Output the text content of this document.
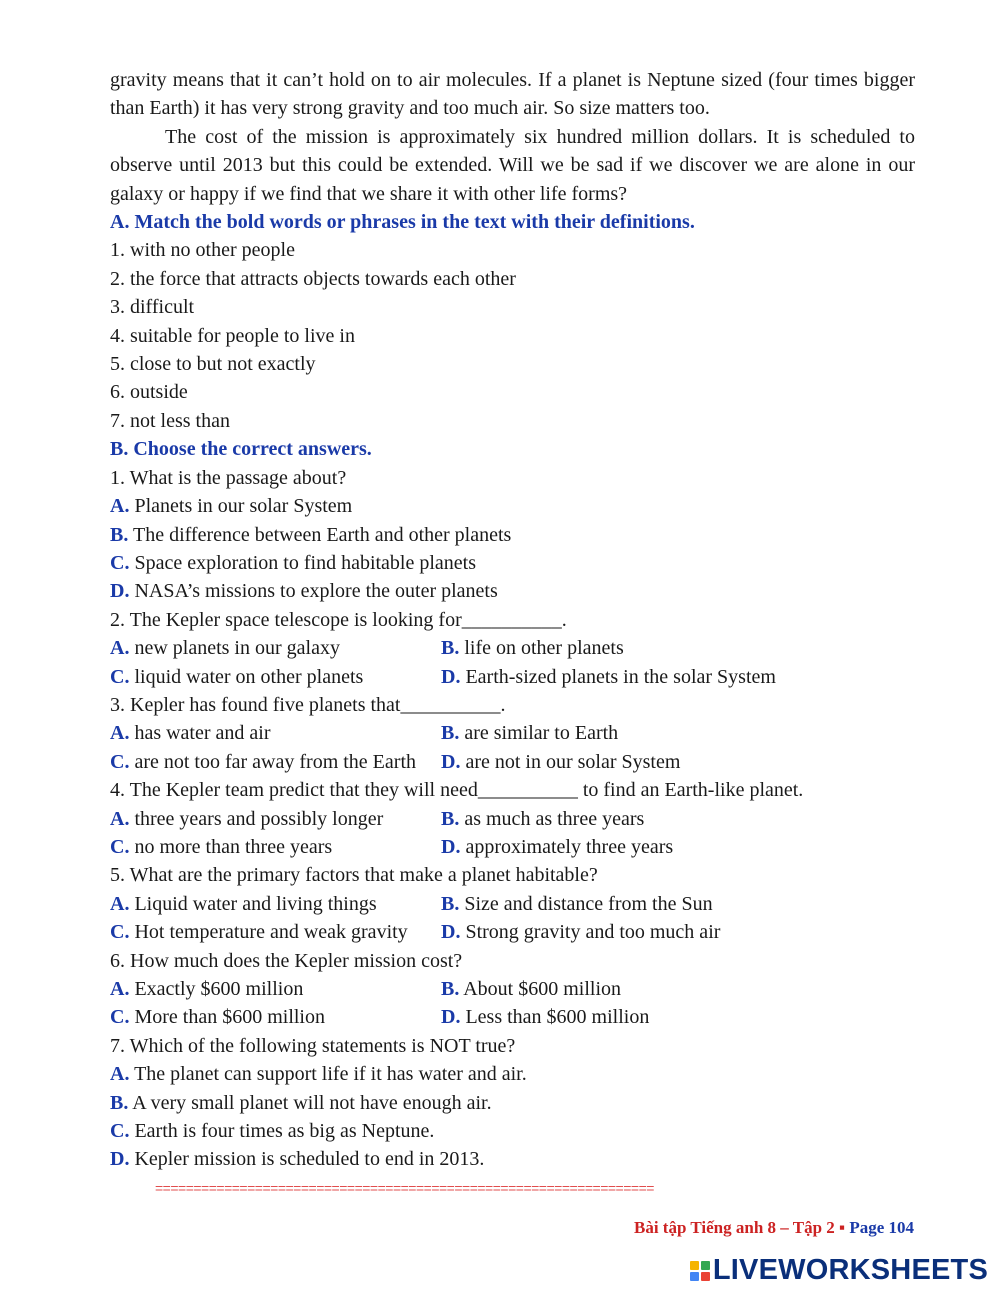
gravity means that it can’t hold on to air molecules. If a planet is Neptune sized (four times bigger than Earth) it has very strong gravity and too much air. So size matters too.

The cost of the mission is approximately six hundred million dollars. It is scheduled to observe until 2013 but this could be extended. Will we be sad if we discover we are alone in our galaxy or happy if we find that we share it with other life forms?

A. Match the bold words or phrases in the text with their definitions.

1. with no other people

2. the force that attracts objects towards each other

3. difficult

4. suitable for people to live in

5. close to but not exactly

6. outside

7. not less than

B. Choose the correct answers.

1. What is the passage about?

A. Planets in our solar System

B. The difference between Earth and other planets

C. Space exploration to find habitable planets

D. NASA’s missions to explore the outer planets

2. The Kepler space telescope is looking for__________.

A. new planets in our galaxy	B. life on other planets
C. liquid water on other planets	D. Earth-sized planets in the solar System

3. Kepler has found five planets that__________.

A. has water and air	B. are similar to Earth
C. are not too far away from the Earth	D. are not in our solar System

4. The Kepler team predict that they will need__________ to find an Earth-like planet.

A. three years and possibly longer	B. as much as three years
C. no more than three years	D. approximately three years

5. What are the primary factors that make a planet habitable?

A. Liquid water and living things	B. Size and distance from the Sun
C. Hot temperature and weak gravity	D. Strong gravity and too much air

6. How much does the Kepler mission cost?

A. Exactly $600 million	B. About $600 million
C. More than $600 million	D. Less than $600 million

7. Which of the following statements is NOT true?

A. The planet can support life if it has water and air.

B. A very small planet will not have enough air.

C. Earth is four times as big as Neptune.

D. Kepler mission is scheduled to end in 2013.

=================================================================
Bài tập Tiếng anh 8 – Tập 2 ▪ Page 104
LIVEWORKSHEETS
